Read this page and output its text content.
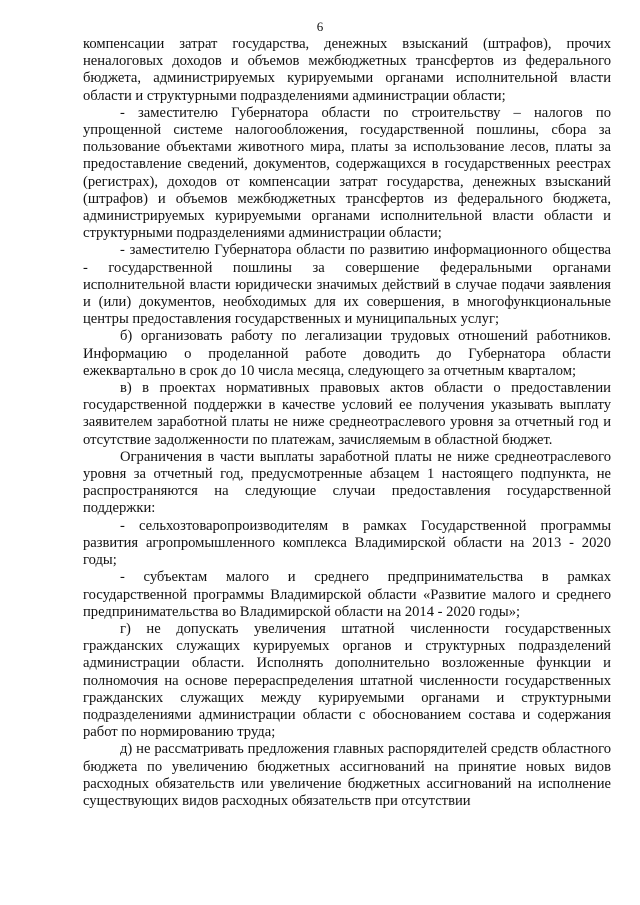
6

компенсации затрат государства, денежных взысканий (штрафов), прочих неналоговых доходов и объемов межбюджетных трансфертов из федерального бюджета, администрируемых курируемыми органами исполнительной власти области и структурными подразделениями администрации области;

- заместителю Губернатора области по строительству – налогов по упрощенной системе налогообложения, государственной пошлины, сбора за пользование объектами животного мира, платы за использование лесов, платы за предоставление сведений, документов, содержащихся в государственных реестрах (регистрах), доходов от компенсации затрат государства, денежных взысканий (штрафов) и объемов межбюджетных трансфертов из федерального бюджета, администрируемых курируемыми органами исполнительной власти области и структурными подразделениями администрации области;

- заместителю Губернатора области по развитию информационного общества - государственной пошлины за совершение федеральными органами исполнительной власти юридически значимых действий в случае подачи заявления и (или) документов, необходимых для их совершения, в многофункциональные центры предоставления государственных и муниципальных услуг;

б) организовать работу по легализации трудовых отношений работников. Информацию о проделанной работе доводить до Губернатора области ежеквартально в срок до 10 числа месяца, следующего за отчетным кварталом;

в) в проектах нормативных правовых актов области о предоставлении государственной поддержки в качестве условий ее получения указывать выплату заявителем заработной платы не ниже среднеотраслевого уровня за отчетный год и отсутствие задолженности по платежам, зачисляемым в областной бюджет.

Ограничения в части выплаты заработной платы не ниже среднеотраслевого уровня за отчетный год, предусмотренные абзацем 1 настоящего подпункта, не распространяются на следующие случаи предоставления государственной поддержки:

- сельхозтоваропроизводителям в рамках Государственной программы развития агропромышленного комплекса Владимирской области на 2013 - 2020 годы;

- субъектам малого и среднего предпринимательства в рамках государственной программы Владимирской области «Развитие малого и среднего предпринимательства во Владимирской области на 2014 - 2020 годы»;

г) не допускать увеличения штатной численности государственных гражданских служащих курируемых органов и структурных подразделений администрации области. Исполнять дополнительно возложенные функции и полномочия на основе перераспределения штатной численности государственных гражданских служащих между курируемыми органами и структурными подразделениями администрации области с обоснованием состава и содержания работ по нормированию труда;

д) не рассматривать предложения главных распорядителей средств областного бюджета по увеличению бюджетных ассигнований на принятие новых видов расходных обязательств или увеличение бюджетных ассигнований на исполнение существующих видов расходных обязательств при отсутствии
